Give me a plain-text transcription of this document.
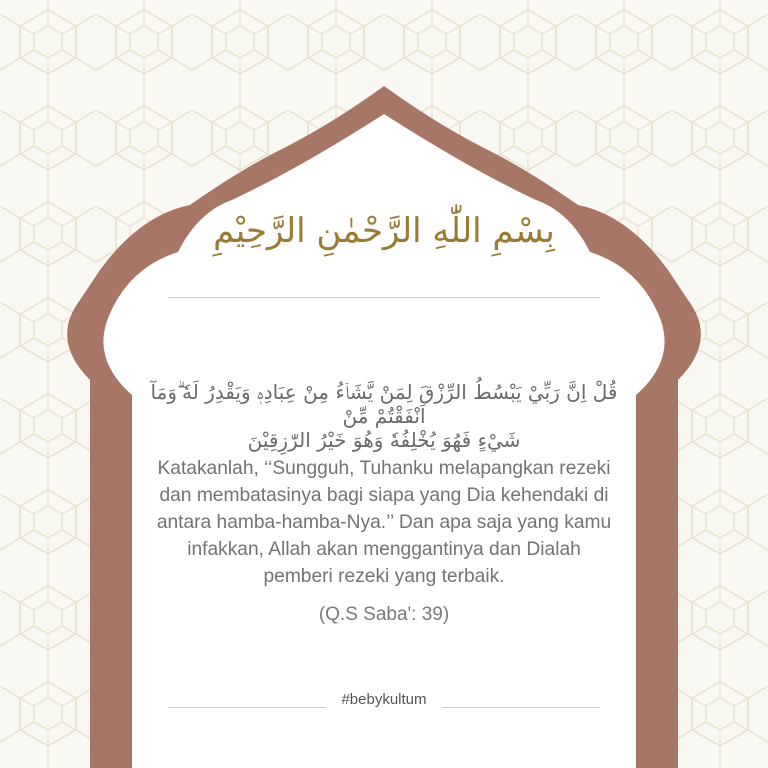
بِسْمِ اللّٰهِ الرَّحْمٰنِ الرَّحِيْمِ
قُلْ اِنَّ رَبِّيْ يَبْسُطُ الرِّزْقَ لِمَنْ يَّشَاۤءُ مِنْ عِبَادِهٖ وَيَقْدِرُ لَهٗ ۗوَمَآ اَنْفَقْتُمْ مِّنْ
شَيْءٍ فَهُوَ يُخْلِفُهٗ وَهُوَ خَيْرُ الرّٰزِقِيْنَ
Katakanlah, ‘‘Sungguh, Tuhanku melapangkan rezeki
dan membatasinya bagi siapa yang Dia kehendaki di
antara hamba-hamba-Nya.’’ Dan apa saja yang kamu
infakkan, Allah akan menggantinya dan Dialah
pemberi rezeki yang terbaik.
(Q.S Saba': 39)
#bebykultum
